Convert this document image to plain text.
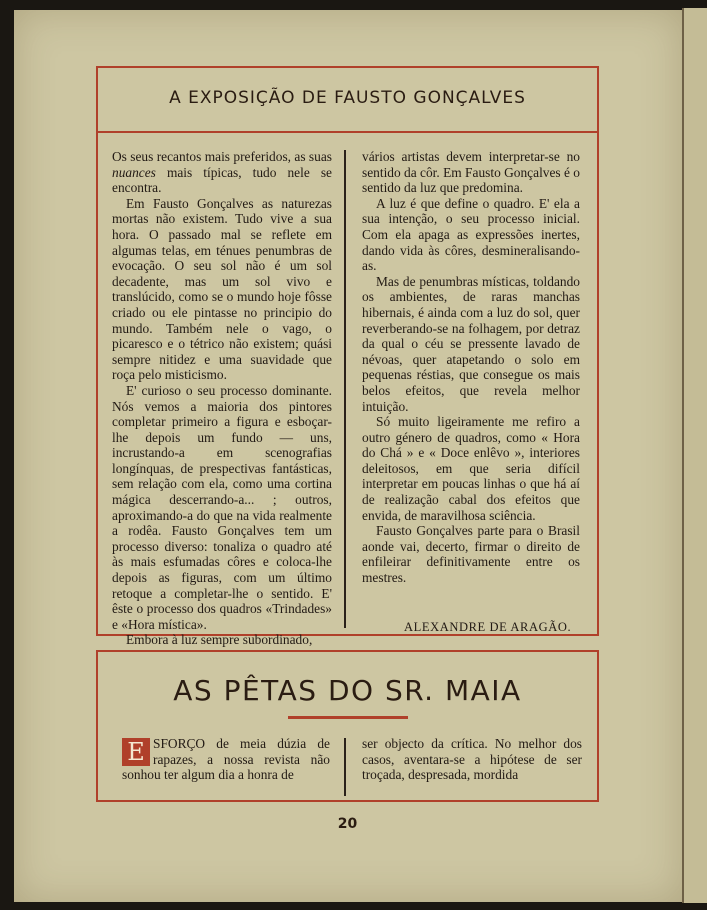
A EXPOSIÇÃO DE FAUSTO GONÇALVES

Os seus recantos mais preferidos, as suas nuances mais típicas, tudo nele se encontra.

Em Fausto Gonçalves as naturezas mortas não existem. Tudo vive a sua hora. O passado mal se reflete em algumas telas, em ténues penumbras de evocação. O seu sol não é um sol decadente, mas um sol vivo e translúcido, como se o mundo hoje fôsse criado ou ele pintasse no principio do mundo. Também nele o vago, o picaresco e o tétrico não existem; quási sempre nitidez e uma suavidade que roça pelo misticismo.

E' curioso o seu processo dominante. Nós vemos a maioria dos pintores completar primeiro a figura e esboçar-lhe depois um fundo — uns, incrustando-a em scenografias longínquas, de prespectivas fantásticas, sem relação com ela, como uma cortina mágica descerrando-a... ; outros, aproximando-a do que na vida realmente a rodêa. Fausto Gonçalves tem um processo diverso: tonaliza o quadro até às mais esfumadas côres e coloca-lhe depois as figuras, com um último retoque a completar-lhe o sentido. E' êste o processo dos quadros «Trindades» e «Hora mística».

Embora à luz sempre subordinado,

vários artistas devem interpretar-se no sentido da côr. Em Fausto Gonçalves é o sentido da luz que predomina.

A luz é que define o quadro. E' ela a sua intenção, o seu processo inicial. Com ela apaga as expressões inertes, dando vida às côres, desmineralisando-as.

Mas de penumbras místicas, toldando os ambientes, de raras manchas hibernais, é ainda com a luz do sol, quer reverberando-se na folhagem, por detraz da qual o céu se pressente lavado de névoas, quer atapetando o solo em pequenas réstias, que consegue os mais belos efeitos, que revela melhor intuição.

Só muito ligeiramente me refiro a outro género de quadros, como « Hora do Chá » e « Doce enlêvo », interiores deleitosos, em que seria difícil interpretar em poucas linhas o que há aí de realização cabal dos efeitos que envida, de maravilhosa sciência.

Fausto Gonçalves parte para o Brasil aonde vai, decerto, firmar o direito de enfileirar definitivamente entre os mestres.

ALEXANDRE DE ARAGÃO.
AS PÊTAS DO SR. MAIA

E SFORÇO de meia dúzia de rapazes, a nossa revista não sonhou ter algum dia a honra de

ser objecto da crítica. No melhor dos casos, aventara-se a hipótese de ser troçada, despresada, mordida

20
